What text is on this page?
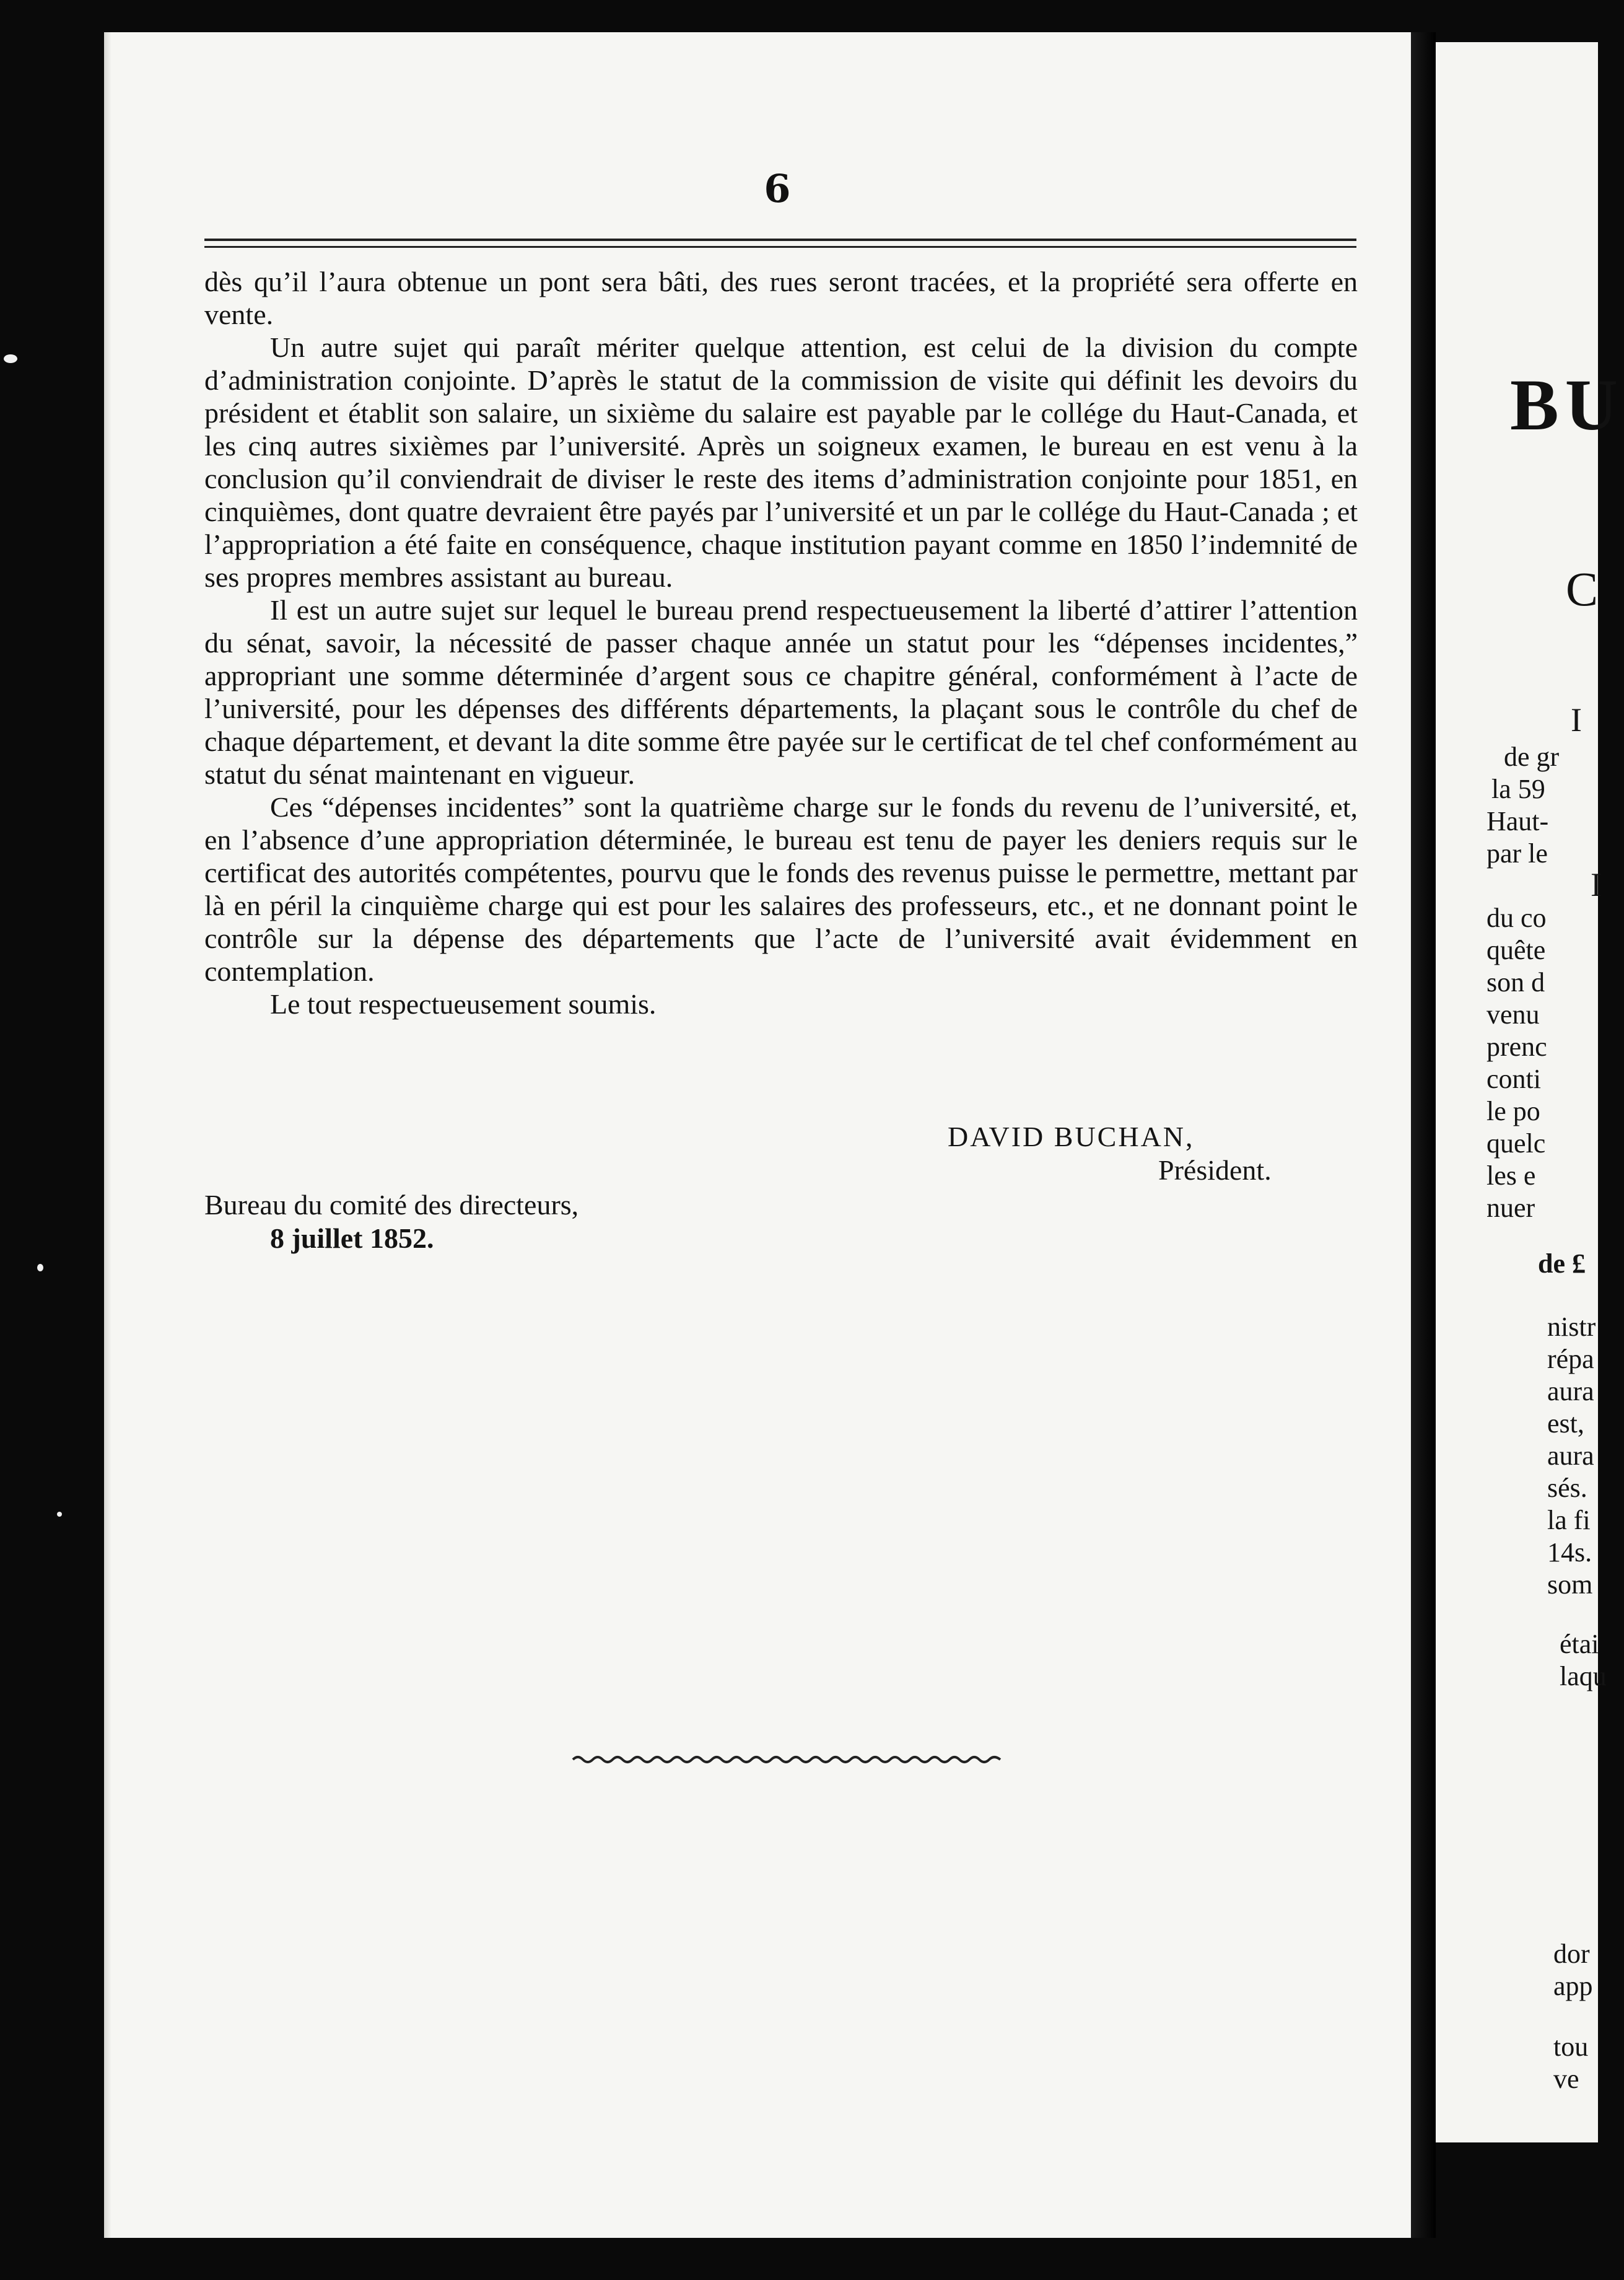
6

dès qu’il l’aura obtenue un pont sera bâti, des rues seront tracées, et la propriété sera offerte en vente.

Un autre sujet qui paraît mériter quelque attention, est celui de la division du compte d’administration conjointe. D’après le statut de la commission de visite qui définit les devoirs du président et établit son salaire, un sixième du salaire est payable par le collége du Haut-Canada, et les cinq autres sixièmes par l’université. Après un soigneux examen, le bureau en est venu à la conclusion qu’il conviendrait de diviser le reste des items d’administration conjointe pour 1851, en cinquièmes, dont quatre devraient être payés par l’université et un par le collége du Haut-Canada ; et l’appropriation a été faite en conséquence, chaque institution payant comme en 1850 l’indemnité de ses propres membres assistant au bureau.

Il est un autre sujet sur lequel le bureau prend respectueusement la liberté d’attirer l’attention du sénat, savoir, la nécessité de passer chaque année un statut pour les “dépenses incidentes,” appropriant une somme déterminée d’argent sous ce chapitre général, conformément à l’acte de l’université, pour les dépenses des différents départements, la plaçant sous le contrôle du chef de chaque département, et devant la dite somme être payée sur le certificat de tel chef conformément au statut du sénat maintenant en vigueur.

Ces “dépenses incidentes” sont la quatrième charge sur le fonds du revenu de l’université, et, en l’absence d’une appropriation déterminée, le bureau est tenu de payer les deniers requis sur le certificat des autorités compétentes, pourvu que le fonds des revenus puisse le permettre, mettant par là en péril la cinquième charge qui est pour les salaires des professeurs, etc., et ne donnant point le contrôle sur la dépense des départements que l’acte de l’université avait évidemment en contemplation.

Le tout respectueusement soumis.

DAVID BUCHAN,
Président.
Bureau du comité des directeurs,
8 juillet 1852.
BU
C
I
de gr
la 59
Haut-
par le
I
du co
quête
son d
venu
prenc
conti
le po
quelc
les e
nuer
de £
nistr
répa
aura
est,
aura
sés.
la fi
14s.
som
étai
laqu
dor
app
tou
ve
